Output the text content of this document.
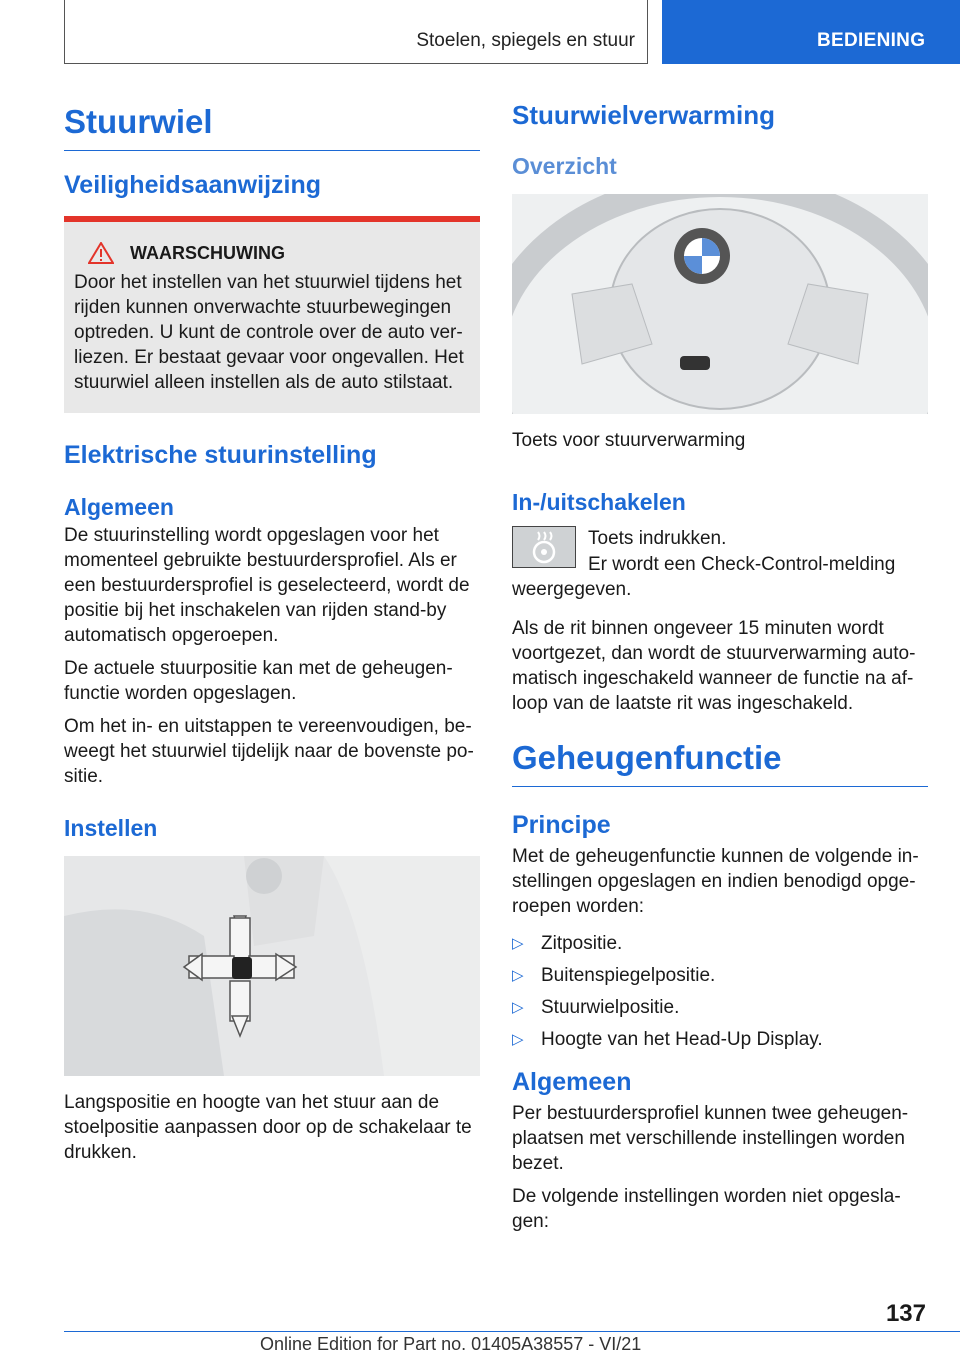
Stoelen, spiegels en stuur	BEDIENING
Stuurwiel
Veiligheidsaanwijzing
WAARSCHUWING

Door het instellen van het stuurwiel tijdens het rijden kunnen onverwachte stuurbewegingen optreden. U kunt de controle over de auto ver-liezen. Er bestaat gevaar voor ongevallen. Het stuurwiel alleen instellen als de auto stilstaat.

Elektrische stuurinstelling
Algemeen

De stuurinstelling wordt opgeslagen voor het momenteel gebruikte bestuurdersprofiel. Als er een bestuurdersprofiel is geselecteerd, wordt de positie bij het inschakelen van rijden stand-by automatisch opgeroepen.

De actuele stuurpositie kan met de geheugen-functie worden opgeslagen.

Om het in- en uitstappen te vereenvoudigen, be-weegt het stuurwiel tijdelijk naar de bovenste po-sitie.

Instellen

Langspositie en hoogte van het stuur aan de stoelpositie aanpassen door op de schakelaar te drukken.

Stuurwielverwarming
Overzicht

Toets voor stuurverwarming

In-/uitschakelen

Toets indrukken.

Er wordt een Check-Control-melding weergegeven.

Als de rit binnen ongeveer 15 minuten wordt voortgezet, dan wordt de stuurverwarming auto-matisch ingeschakeld wanneer de functie na af-loop van de laatste rit was ingeschakeld.

Geheugenfunctie
Principe

Met de geheugenfunctie kunnen de volgende in-stellingen opgeslagen en indien benodigd opge-roepen worden:

▷ Zitpositie.
▷ Buitenspiegelpositie.
▷ Stuurwielpositie.
▷ Hoogte van het Head-Up Display.
Algemeen

Per bestuurdersprofiel kunnen twee geheugen-plaatsen met verschillende instellingen worden bezet.

De volgende instellingen worden niet opgesla-gen:

137
Online Edition for Part no. 01405A38557 - VI/21
